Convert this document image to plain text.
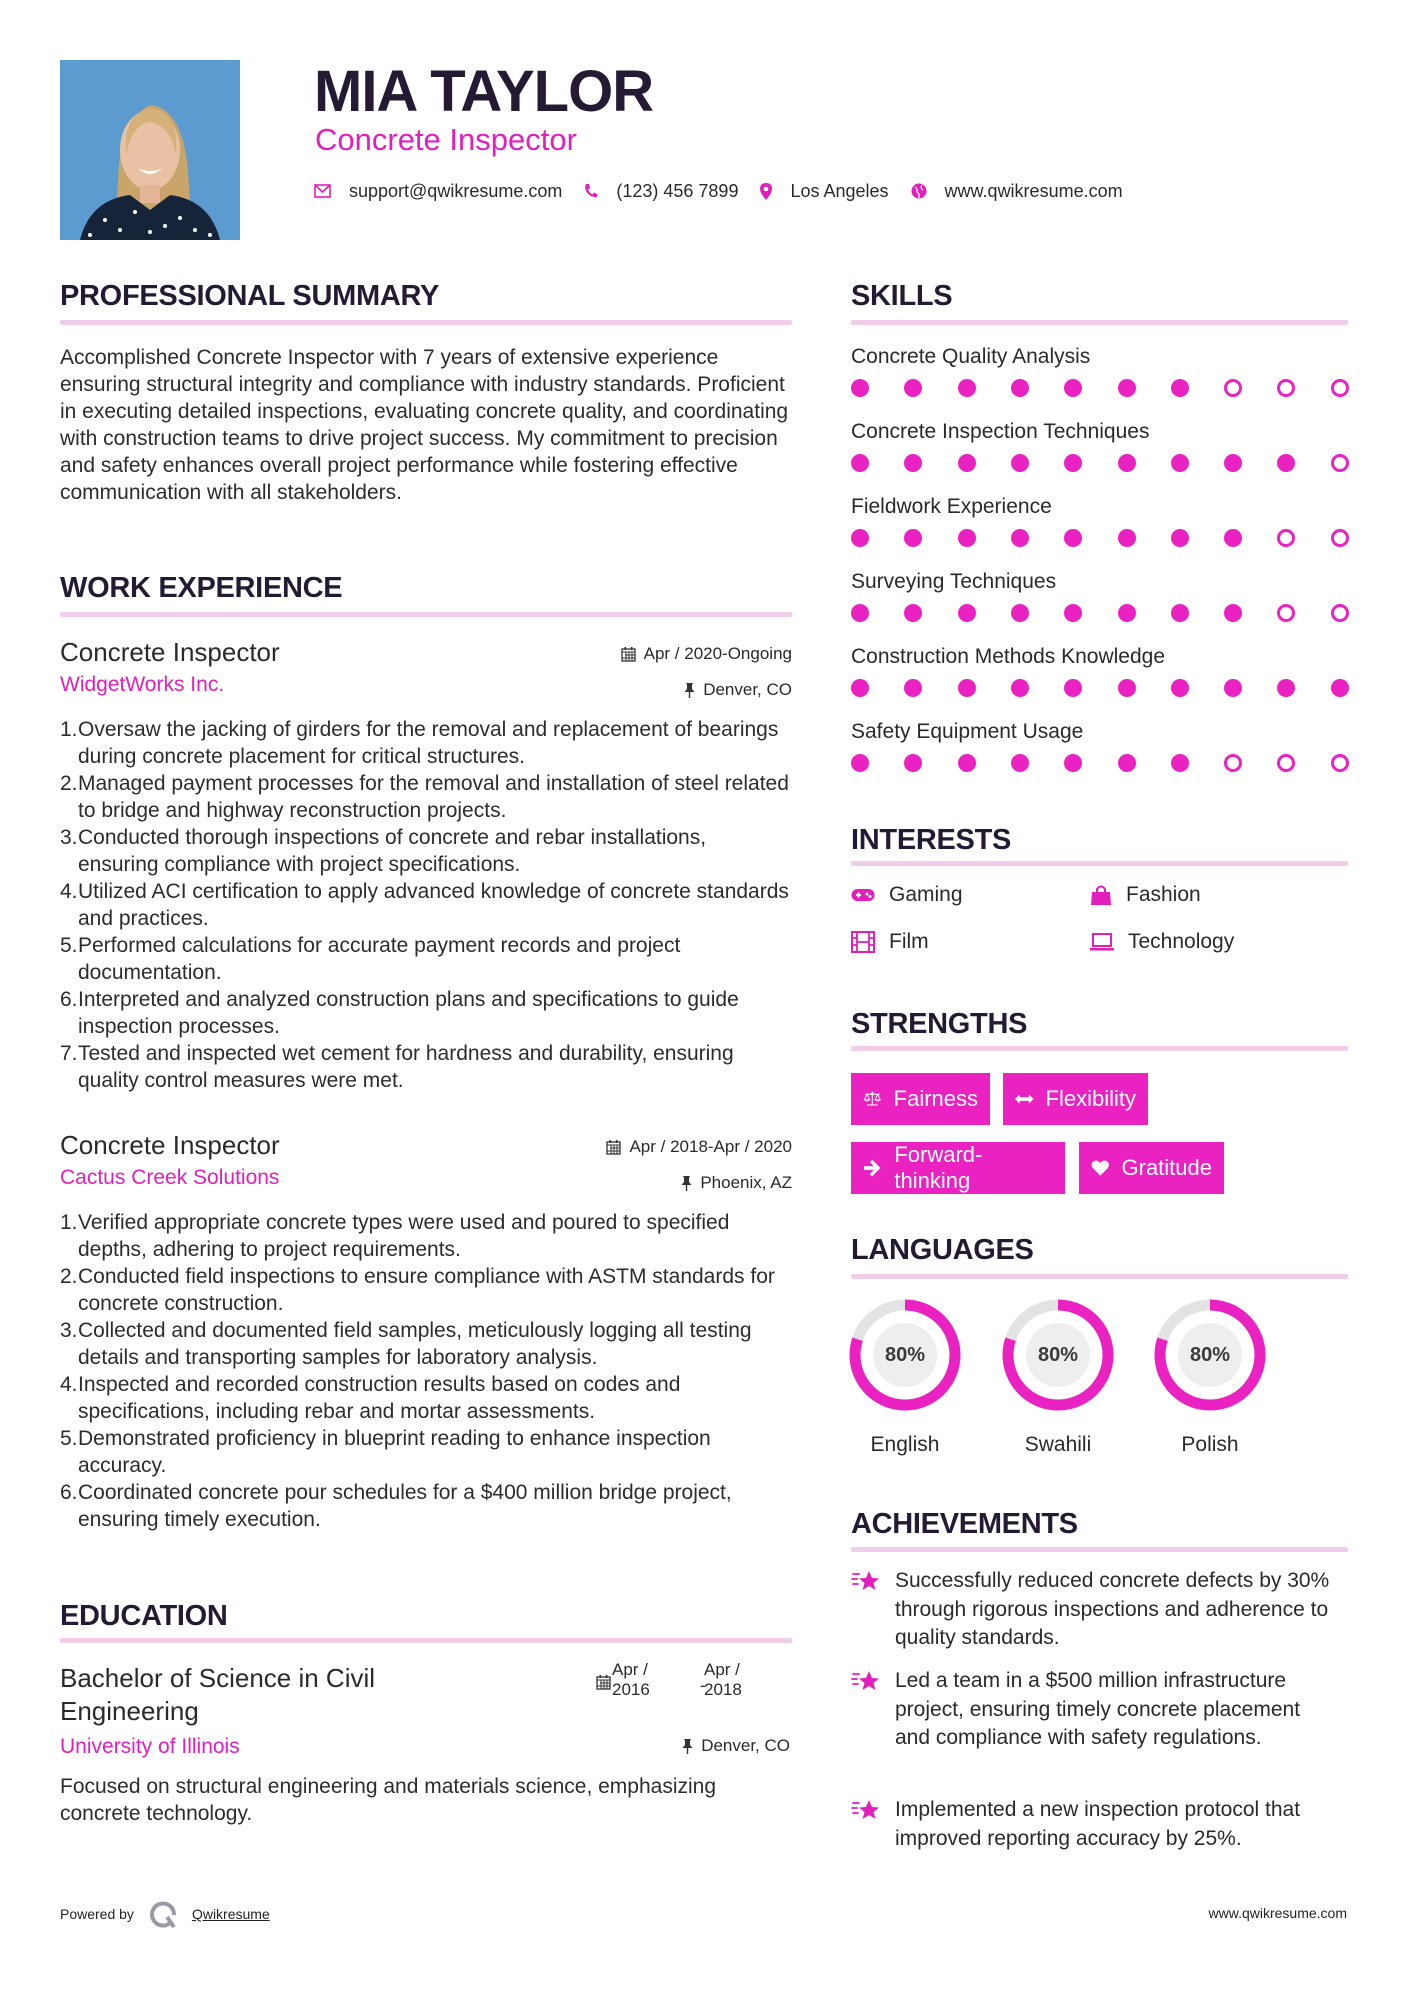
MIA TAYLOR
Concrete Inspector
support@qwikresume.com	(123) 456 7899	Los Angeles	www.qwikresume.com
PROFESSIONAL SUMMARY
Accomplished Concrete Inspector with 7 years of extensive experience ensuring structural integrity and compliance with industry standards. Proficient in executing detailed inspections, evaluating concrete quality, and coordinating with construction teams to drive project success. My commitment to precision and safety enhances overall project performance while fostering effective communication with all stakeholders.
WORK EXPERIENCE
Concrete Inspector	Apr / 2020-Ongoing
WidgetWorks Inc.	Denver, CO
1. Oversaw the jacking of girders for the removal and replacement of bearings during concrete placement for critical structures.
2. Managed payment processes for the removal and installation of steel related to bridge and highway reconstruction projects.
3. Conducted thorough inspections of concrete and rebar installations, ensuring compliance with project specifications.
4. Utilized ACI certification to apply advanced knowledge of concrete standards and practices.
5. Performed calculations for accurate payment records and project documentation.
6. Interpreted and analyzed construction plans and specifications to guide inspection processes.
7. Tested and inspected wet cement for hardness and durability, ensuring quality control measures were met.
Concrete Inspector	Apr / 2018-Apr / 2020
Cactus Creek Solutions	Phoenix, AZ
1. Verified appropriate concrete types were used and poured to specified depths, adhering to project requirements.
2. Conducted field inspections to ensure compliance with ASTM standards for concrete construction.
3. Collected and documented field samples, meticulously logging all testing details and transporting samples for laboratory analysis.
4. Inspected and recorded construction results based on codes and specifications, including rebar and mortar assessments.
5. Demonstrated proficiency in blueprint reading to enhance inspection accuracy.
6. Coordinated concrete pour schedules for a $400 million bridge project, ensuring timely execution.
EDUCATION
Bachelor of Science in Civil Engineering
Apr / 2016	-
Apr / 2018
University of Illinois	Denver, CO
Focused on structural engineering and materials science, emphasizing concrete technology.
SKILLS
Concrete Quality Analysis
Concrete Inspection Techniques
Fieldwork Experience
Surveying Techniques
Construction Methods Knowledge
Safety Equipment Usage
INTERESTS
Gaming	Fashion
Film	Technology
STRENGTHS
Fairness	Flexibility
Forward-thinking
Gratitude
LANGUAGES
80%
English
80%
Swahili
80%
Polish
ACHIEVEMENTS
Successfully reduced concrete defects by 30% through rigorous inspections and adherence to quality standards.
Led a team in a $500 million infrastructure project, ensuring timely concrete placement and compliance with safety regulations.
Implemented a new inspection protocol that improved reporting accuracy by 25%.
Powered by	Qwikresume	www.qwikresume.com
